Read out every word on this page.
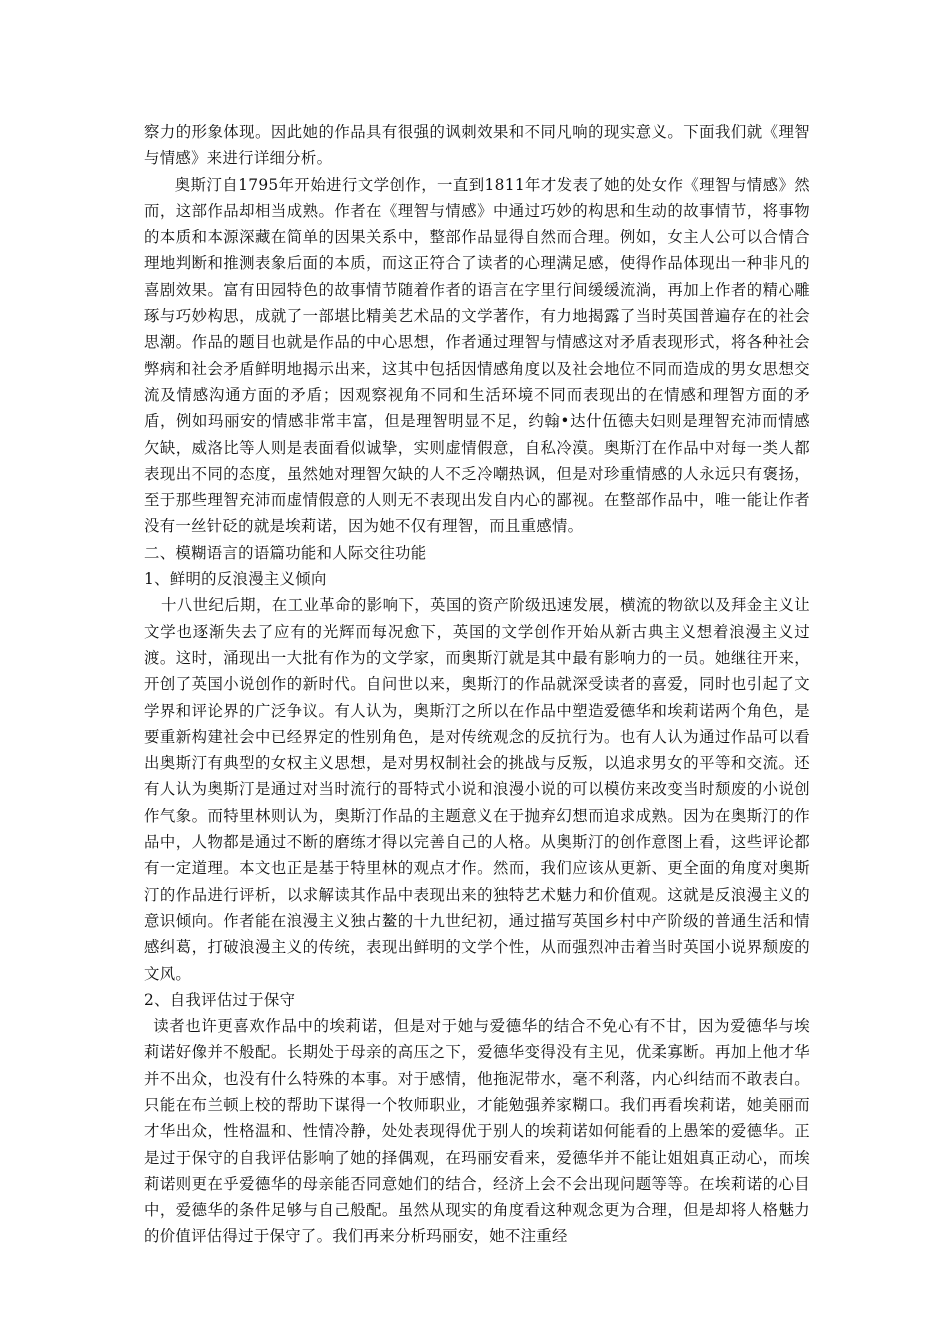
察力的形象体现。因此她的作品具有很强的讽刺效果和不同凡响的现实意义。下面我们就《理智与情感》来进行详细分析。

奥斯汀自1795年开始进行文学创作，一直到1811年才发表了她的处女作《理智与情感》然而，这部作品却相当成熟。作者在《理智与情感》中通过巧妙的构思和生动的故事情节，将事物的本质和本源深藏在简单的因果关系中，整部作品显得自然而合理。例如，女主人公可以合情合理地判断和推测表象后面的本质，而这正符合了读者的心理满足感，使得作品体现出一种非凡的喜剧效果。富有田园特色的故事情节随着作者的语言在字里行间缓缓流淌，再加上作者的精心雕琢与巧妙构思，成就了一部堪比精美艺术品的文学著作，有力地揭露了当时英国普遍存在的社会思潮。作品的题目也就是作品的中心思想，作者通过理智与情感这对矛盾表现形式，将各种社会弊病和社会矛盾鲜明地揭示出来，这其中包括因情感角度以及社会地位不同而造成的男女思想交流及情感沟通方面的矛盾；因观察视角不同和生活环境不同而表现出的在情感和理智方面的矛盾，例如玛丽安的情感非常丰富，但是理智明显不足，约翰•达什伍德夫妇则是理智充沛而情感欠缺，威洛比等人则是表面看似诚挚，实则虚情假意，自私冷漠。奥斯汀在作品中对每一类人都表现出不同的态度，虽然她对理智欠缺的人不乏冷嘲热讽，但是对珍重情感的人永远只有褒扬，至于那些理智充沛而虚情假意的人则无不表现出发自内心的鄙视。在整部作品中，唯一能让作者没有一丝针砭的就是埃莉诺，因为她不仅有理智，而且重感情。

二、模糊语言的语篇功能和人际交往功能

1、鲜明的反浪漫主义倾向

十八世纪后期，在工业革命的影响下，英国的资产阶级迅速发展，横流的物欲以及拜金主义让文学也逐渐失去了应有的光辉而每况愈下，英国的文学创作开始从新古典主义想着浪漫主义过渡。这时，涌现出一大批有作为的文学家，而奥斯汀就是其中最有影响力的一员。她继往开来，开创了英国小说创作的新时代。自问世以来，奥斯汀的作品就深受读者的喜爱，同时也引起了文学界和评论界的广泛争议。有人认为，奥斯汀之所以在作品中塑造爱德华和埃莉诺两个角色，是要重新构建社会中已经界定的性别角色，是对传统观念的反抗行为。也有人认为通过作品可以看出奥斯汀有典型的女权主义思想，是对男权制社会的挑战与反叛，以追求男女的平等和交流。还有人认为奥斯汀是通过对当时流行的哥特式小说和浪漫小说的可以模仿来改变当时颓废的小说创作气象。而特里林则认为，奥斯汀作品的主题意义在于抛弃幻想而追求成熟。因为在奥斯汀的作品中，人物都是通过不断的磨练才得以完善自己的人格。从奥斯汀的创作意图上看，这些评论都有一定道理。本文也正是基于特里林的观点才作。然而，我们应该从更新、更全面的角度对奥斯汀的作品进行评析，以求解读其作品中表现出来的独特艺术魅力和价值观。这就是反浪漫主义的意识倾向。作者能在浪漫主义独占鳌的十九世纪初，通过描写英国乡村中产阶级的普通生活和情感纠葛，打破浪漫主义的传统，表现出鲜明的文学个性，从而强烈冲击着当时英国小说界颓废的文风。

2、自我评估过于保守

读者也许更喜欢作品中的埃莉诺，但是对于她与爱德华的结合不免心有不甘，因为爱德华与埃莉诺好像并不般配。长期处于母亲的高压之下，爱德华变得没有主见，优柔寡断。再加上他才华并不出众，也没有什么特殊的本事。对于感情，他拖泥带水，毫不利落，内心纠结而不敢表白。只能在布兰顿上校的帮助下谋得一个牧师职业，才能勉强养家糊口。我们再看埃莉诺，她美丽而才华出众，性格温和、性情冷静，处处表现得优于别人的埃莉诺如何能看的上愚笨的爱德华。正是过于保守的自我评估影响了她的择偶观，在玛丽安看来，爱德华并不能让姐姐真正动心，而埃莉诺则更在乎爱德华的母亲能否同意她们的结合，经济上会不会出现问题等等。在埃莉诺的心目中，爱德华的条件足够与自己般配。虽然从现实的角度看这种观念更为合理，但是却将人格魅力的价值评估得过于保守了。我们再来分析玛丽安，她不注重经
